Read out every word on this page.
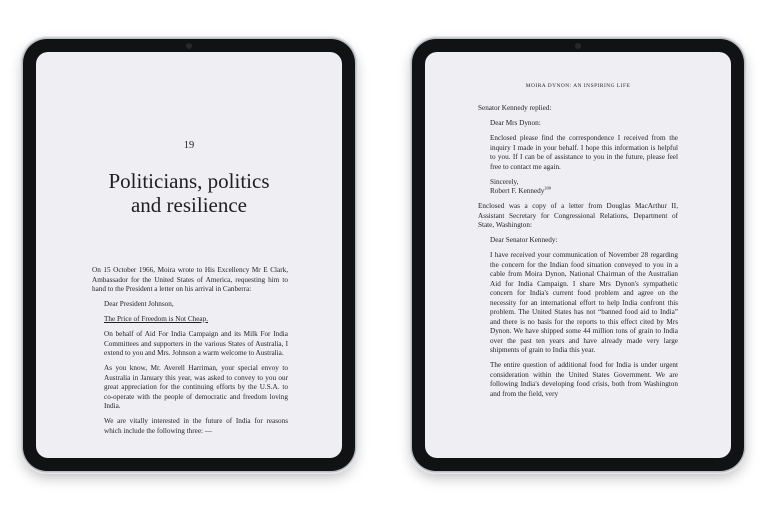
19
Politicians, politics
and resilience

On 15 October 1966, Moira wrote to His Excellency Mr E Clark, Ambassador for the United States of America, requesting him to hand to the President a letter on his arrival in Canberra:

Dear President Johnson,

The Price of Freedom is Not Cheap.

On behalf of Aid For India Campaign and its Milk For India Committees and supporters in the various States of Australia, I extend to you and Mrs. Johnson a warm welcome to Australia.

As you know, Mr. Averell Harriman, your special envoy to Australia in January this year, was asked to convey to you our great appreciation for the continuing efforts by the U.S.A. to co-operate with the people of democratic and freedom loving India.

We are vitally interested in the future of India for reasons which include the following three: —

MOIRA DYNON: AN INSPIRING LIFE

Senator Kennedy replied:

Dear Mrs Dynon:

Enclosed please find the correspondence I received from the inquiry I made in your behalf. I hope this information is helpful to you. If I can be of assistance to you in the future, please feel free to contact me again.

Sincerely,
Robert F. Kennedy$^{200}$

Enclosed was a copy of a letter from Douglas MacArthur II, Assistant Secretary for Congressional Relations, Department of State, Washington:

Dear Senator Kennedy:

I have received your communication of November 28 regarding the concern for the Indian food situation conveyed to you in a cable from Moira Dynon, National Chairman of the Australian Aid for India Campaign. I share Mrs Dynon's sympathetic concern for India's current food problem and agree on the necessity for an international effort to help India confront this problem. The United States has not “banned food aid to India” and there is no basis for the reports to this effect cited by Mrs Dynon. We have shipped some 44 million tons of grain to India over the past ten years and have already made very large shipments of grain to India this year.

The entire question of additional food for India is under urgent consideration within the United States Government. We are following India's developing food crisis, both from Washington and from the field, very
